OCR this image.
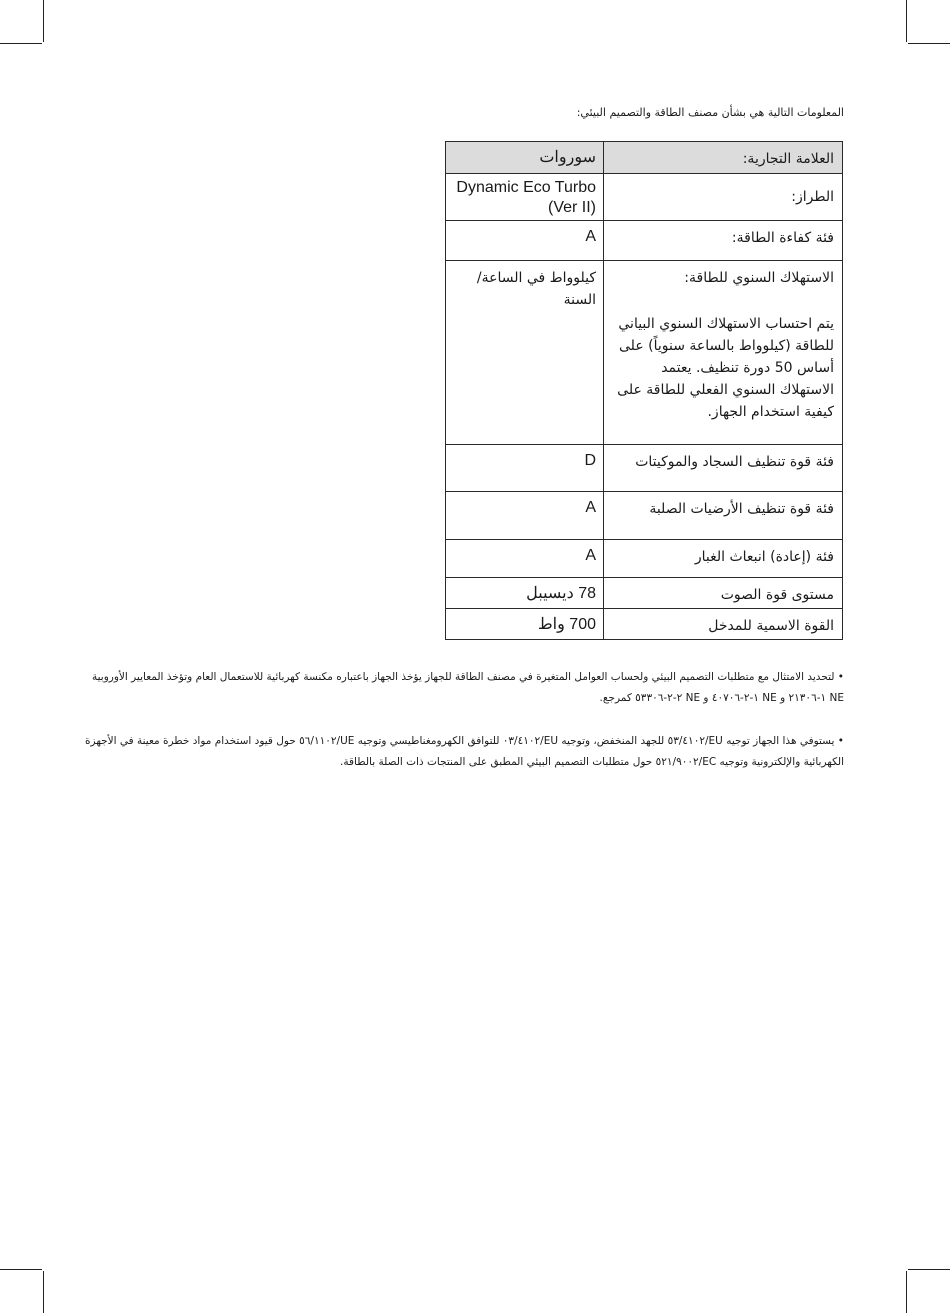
المعلومات التالية هي بشأن مصنف الطاقة والتصميم البيئي:
سوروات	العلامة التجارية:
Dynamic Eco Turbo (Ver II)	الطراز:
A	فئة كفاءة الطاقة:
كيلوواط في الساعة/السنة	الاستهلاك السنوي للطاقة:
يتم احتساب الاستهلاك السنوي البياني للطاقة (كيلوواط بالساعة سنوياً) على أساس 50 دورة تنظيف. يعتمد الاستهلاك السنوي الفعلي للطاقة على كيفية استخدام الجهاز.

D	فئة قوة تنظيف السجاد والموكيتات
A	فئة قوة تنظيف الأرضيات الصلبة
A	فئة (إعادة) انبعاث الغبار
78 ديسيبل	مستوى قوة الصوت
700 واط	القوة الاسمية للمدخل

• لتحديد الامتثال مع متطلبات التصميم البيئي ولحساب العوامل المتغيرة في مصنف الطاقة للجهاز يؤخذ الجهاز باعتباره مكنسة كهربائية للاستعمال العام وتؤخذ المعايير الأوروبية NE ١-٢١٣٠٦ و NE ١-٢-٤٠٧٠٦ و NE ٢-٢-٥٣٣٠٦ كمرجع.

• يستوفي هذا الجهاز توجيه EU/٥٣/٤١٠٢ للجهد المنخفض، وتوجيه EU/٠٣/٤١٠٢ للتوافق الكهرومغناطيسي وتوجيه UE/٥٦/١١٠٢ حول قيود استخدام مواد خطرة معينة في الأجهزة الكهربائية والإلكترونية وتوجيه EC/٥٢١/٩٠٠٢ حول متطلبات التصميم البيئي المطبق على المنتجات ذات الصلة بالطاقة.
